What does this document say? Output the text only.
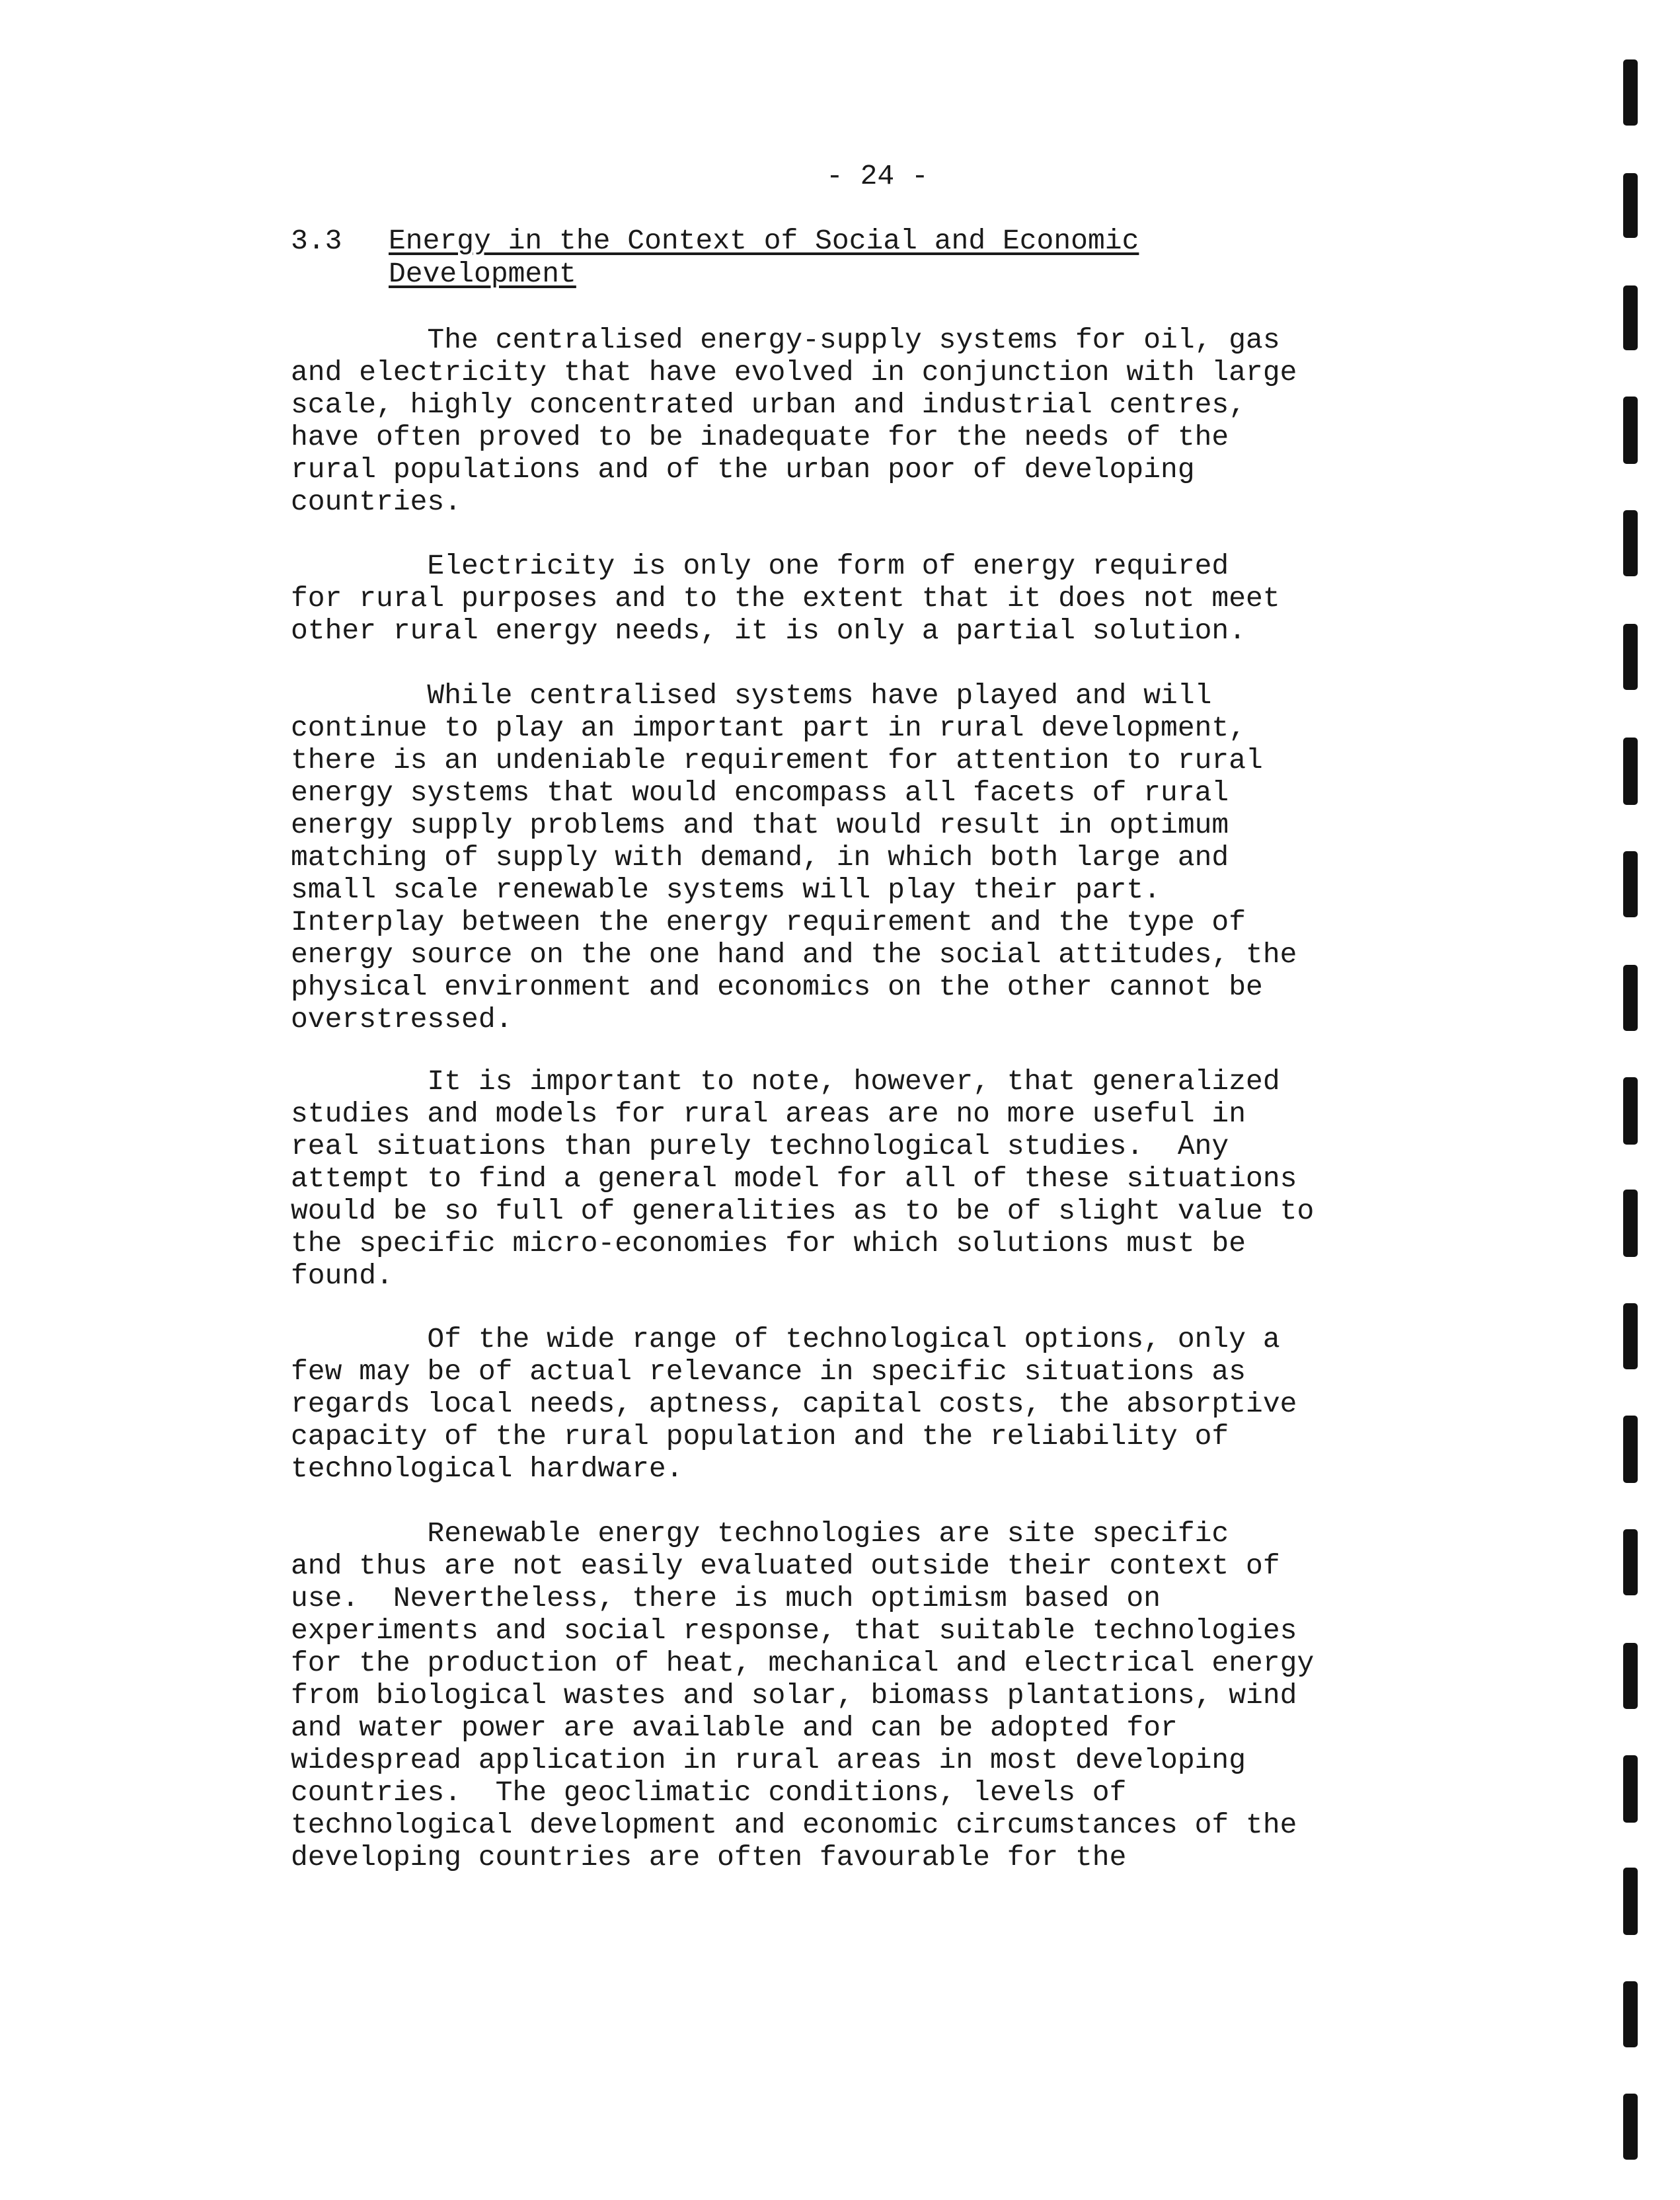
- 24 -
3.3 Energy in the Context of Social and Economic
Development
The centralised energy-supply systems for oil, gas
and electricity that have evolved in conjunction with large
scale, highly concentrated urban and industrial centres,
have often proved to be inadequate for the needs of the
rural populations and of the urban poor of developing
countries.
Electricity is only one form of energy required
for rural purposes and to the extent that it does not meet
other rural energy needs, it is only a partial solution.
While centralised systems have played and will
continue to play an important part in rural development,
there is an undeniable requirement for attention to rural
energy systems that would encompass all facets of rural
energy supply problems and that would result in optimum
matching of supply with demand, in which both large and
small scale renewable systems will play their part.
Interplay between the energy requirement and the type of
energy source on the one hand and the social attitudes, the
physical environment and economics on the other cannot be
overstressed.
It is important to note, however, that generalized
studies and models for rural areas are no more useful in
real situations than purely technological studies.  Any
attempt to find a general model for all of these situations
would be so full of generalities as to be of slight value to
the specific micro-economies for which solutions must be
found.
Of the wide range of technological options, only a
few may be of actual relevance in specific situations as
regards local needs, aptness, capital costs, the absorptive
capacity of the rural population and the reliability of
technological hardware.
Renewable energy technologies are site specific
and thus are not easily evaluated outside their context of
use.  Nevertheless, there is much optimism based on
experiments and social response, that suitable technologies
for the production of heat, mechanical and electrical energy
from biological wastes and solar, biomass plantations, wind
and water power are available and can be adopted for
widespread application in rural areas in most developing
countries.  The geoclimatic conditions, levels of
technological development and economic circumstances of the
developing countries are often favourable for the
